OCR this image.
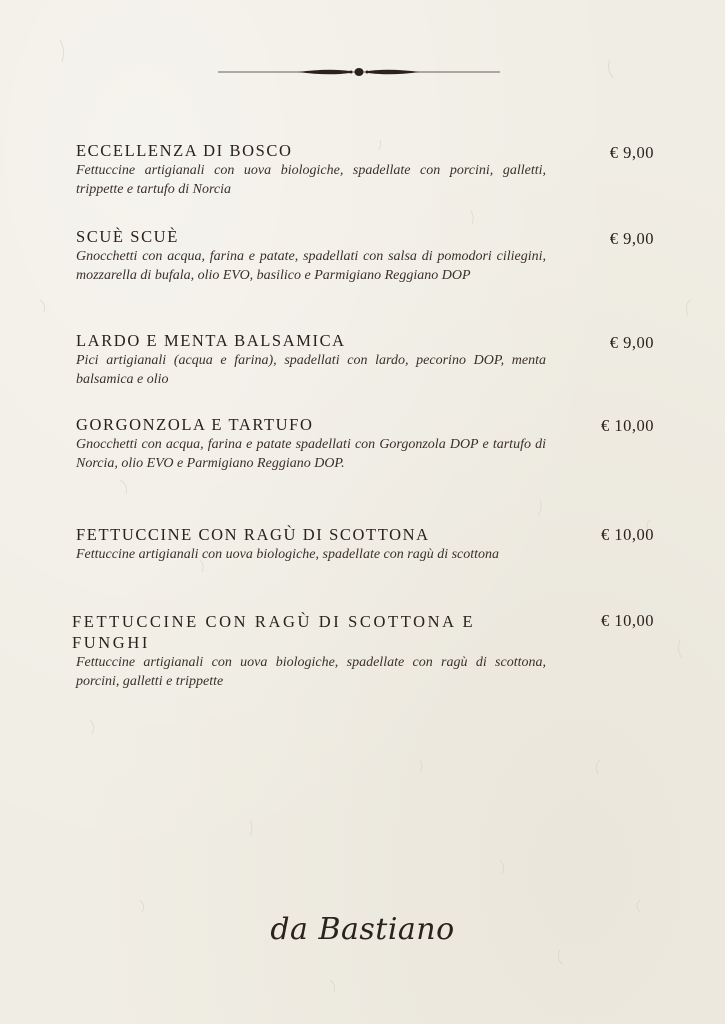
ECCELLENZA DI BOSCO
Fettuccine artigianali con uova biologiche, spadellate con porcini, galletti, trippette e tartufo di Norcia
€ 9,00
SCUÈ SCUÈ
Gnocchetti con acqua, farina e patate, spadellati con salsa di pomodori ciliegini, mozzarella di bufala, olio EVO, basilico e Parmigiano Reggiano DOP
€ 9,00
LARDO E MENTA BALSAMICA
Pici artigianali (acqua e farina), spadellati con lardo, pecorino DOP, menta balsamica e olio
€ 9,00
GORGONZOLA E TARTUFO
Gnocchetti con acqua, farina e patate spadellati con Gorgonzola DOP e tartufo di Norcia, olio EVO e Parmigiano Reggiano DOP.
€ 10,00
FETTUCCINE CON RAGÙ DI SCOTTONA
Fettuccine artigianali con uova biologiche, spadellate con ragù di scottona
€ 10,00
FETTUCCINE CON RAGÙ DI SCOTTONA E FUNGHI
Fettuccine artigianali con uova biologiche, spadellate con ragù di scottona, porcini, galletti e trippette
€ 10,00
da Bastiano
